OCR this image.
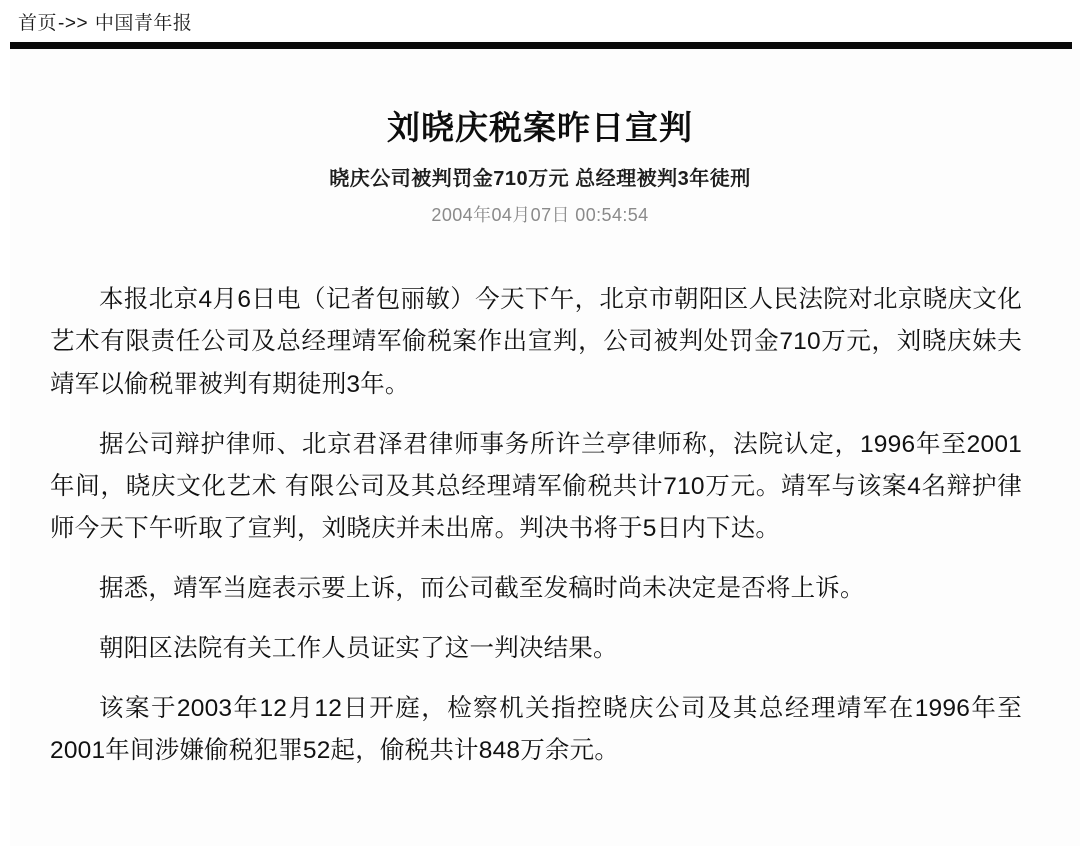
首页->> 中国青年报
刘晓庆税案昨日宣判
晓庆公司被判罚金710万元 总经理被判3年徒刑
2004年04月07日 00:54:54

本报北京4月6日电（记者包丽敏）今天下午，北京市朝阳区人民法院对北京晓庆文化艺术有限责任公司及总经理靖军偷税案作出宣判，公司被判处罚金710万元，刘晓庆妹夫靖军以偷税罪被判有期徒刑3年。

据公司辩护律师、北京君泽君律师事务所许兰亭律师称，法院认定，1996年至2001年间，晓庆文化艺术 有限公司及其总经理靖军偷税共计710万元。靖军与该案4名辩护律师今天下午听取了宣判，刘晓庆并未出席。判决书将于5日内下达。

据悉，靖军当庭表示要上诉，而公司截至发稿时尚未决定是否将上诉。

朝阳区法院有关工作人员证实了这一判决结果。

该案于2003年12月12日开庭，检察机关指控晓庆公司及其总经理靖军在1996年至2001年间涉嫌偷税犯罪52起，偷税共计848万余元。
